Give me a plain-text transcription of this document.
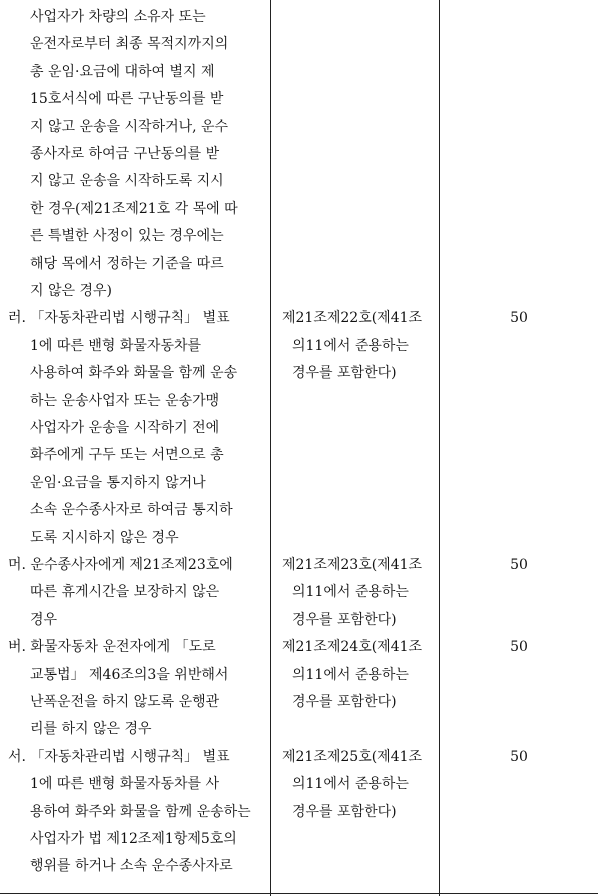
사업자가 차량의 소유자 또는
운전자로부터 최종 목적지까지의
총 운임·요금에 대하여 별지 제
15호서식에 따른 구난동의를 받
지 않고 운송을 시작하거나, 운수
종사자로 하여금 구난동의를 받
지 않고 운송을 시작하도록 지시
한 경우(제21조제21호 각 목에 따
른 특별한 사정이 있는 경우에는
해당 목에서 정하는 기준을 따르
지 않은 경우)
러. 「자동차관리법 시행규칙」 별표
1에 따른 밴형 화물자동차를
사용하여 화주와 화물을 함께 운송
하는 운송사업자 또는 운송가맹
사업자가 운송을 시작하기 전에
화주에게 구두 또는 서면으로 총
운임·요금을 통지하지 않거나
소속 운수종사자로 하여금 통지하
도록 지시하지 않은 경우
제21조제22호(제41조
의11에서 준용하는
경우를 포함한다)
50
머. 운수종사자에게 제21조제23호에
따른 휴게시간을 보장하지 않은
경우
제21조제23호(제41조
의11에서 준용하는
경우를 포함한다)
50
버. 화물자동차 운전자에게 「도로
교통법」 제46조의3을 위반해서
난폭운전을 하지 않도록 운행관
리를 하지 않은 경우
제21조제24호(제41조
의11에서 준용하는
경우를 포함한다)
50
서. 「자동차관리법 시행규칙」 별표
1에 따른 밴형 화물자동차를 사
용하여 화주와 화물을 함께 운송하는
사업자가 법 제12조제1항제5호의
행위를 하거나 소속 운수종사자로
제21조제25호(제41조
의11에서 준용하는
경우를 포함한다)
50
